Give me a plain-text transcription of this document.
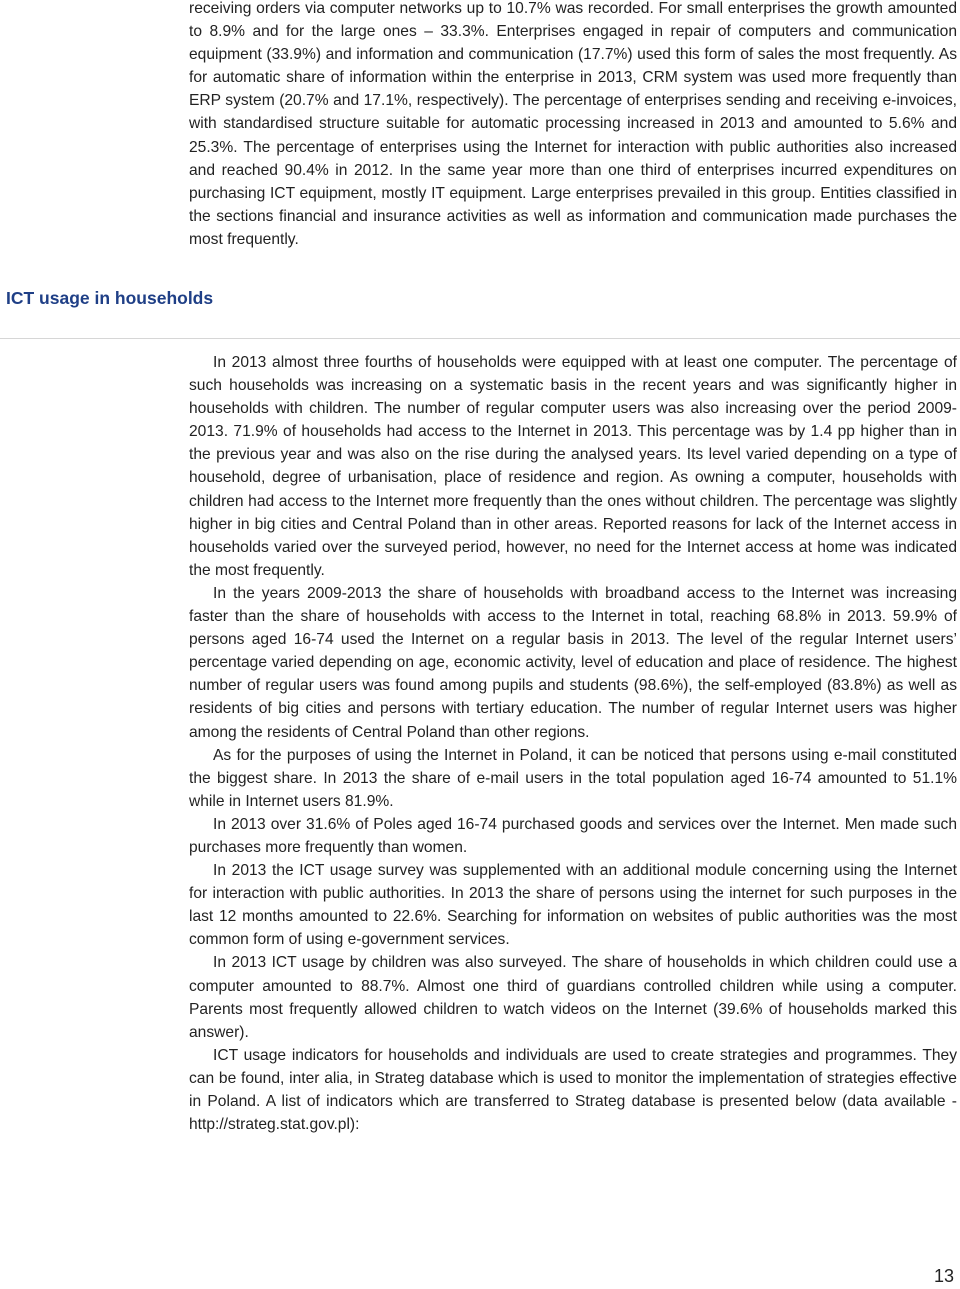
receiving orders via computer networks up to 10.7% was recorded. For small enterprises the growth amounted to 8.9% and for the large ones – 33.3%. Enterprises engaged in repair of computers and communication equipment (33.9%) and information and communication (17.7%) used this form of sales the most frequently. As for automatic share of information within the enterprise in 2013, CRM system was used more frequently than ERP system (20.7% and 17.1%, respectively). The percentage of enterprises sending and receiving e-invoices, with standardised structure suitable for automatic processing increased in 2013 and amounted to 5.6% and 25.3%. The percentage of enterprises using the Internet for interaction with public authorities also increased and reached 90.4% in 2012. In the same year more than one third of enterprises incurred expenditures on purchasing ICT equipment, mostly IT equipment. Large enterprises prevailed in this group. Entities classified in the sections financial and insurance activities as well as information and communication made purchases the most frequently.

ICT usage in households

In 2013 almost three fourths of households were equipped with at least one computer. The percentage of such households was increasing on a systematic basis in the recent years and was significantly higher in households with children. The number of regular computer users was also increasing over the period 2009-2013. 71.9% of households had access to the Internet in 2013. This percentage was by 1.4 pp higher than in the previous year and was also on the rise during the analysed years. Its level varied depending on a type of household, degree of urbanisation, place of residence and region. As owning a computer, households with children had access to the Internet more frequently than the ones without children. The percentage was slightly higher in big cities and Central Poland than in other areas. Reported reasons for lack of the Internet access in households varied over the surveyed period, however, no need for the Internet access at home was indicated the most frequently.

In the years 2009-2013 the share of households with broadband access to the Internet was increasing faster than the share of households with access to the Internet in total, reaching 68.8% in 2013. 59.9% of persons aged 16-74 used the Internet on a regular basis in 2013. The level of the regular Internet users’ percentage varied depending on age, economic activity, level of education and place of residence. The highest number of regular users was found among pupils and students (98.6%), the self-employed (83.8%) as well as residents of big cities and persons with tertiary education. The number of regular Internet users was higher among the residents of Central Poland than other regions.

As for the purposes of using the Internet in Poland, it can be noticed that persons using e-mail constituted the biggest share. In 2013 the share of e-mail users in the total population aged 16-74 amounted to 51.1% while in Internet users 81.9%.

In 2013 over 31.6% of Poles aged 16-74 purchased goods and services over the Internet. Men made such purchases more frequently than women.

In 2013 the ICT usage survey was supplemented with an additional module concerning using the Internet for interaction with public authorities. In 2013 the share of persons using the internet for such purposes in the last 12 months amounted to 22.6%. Searching for information on websites of public authorities was the most common form of using e-government services.

In 2013 ICT usage by children was also surveyed. The share of households in which children could use a computer amounted to 88.7%. Almost one third of guardians controlled children while using a computer. Parents most frequently allowed children to watch videos on the Internet (39.6% of households marked this answer).

ICT usage indicators for households and individuals are used to create strategies and programmes. They can be found, inter alia, in Strateg database which is used to monitor the implementation of strategies effective in Poland. A list of indicators which are transferred to Strateg database is presented below (data available - http://strateg.stat.gov.pl):

13
